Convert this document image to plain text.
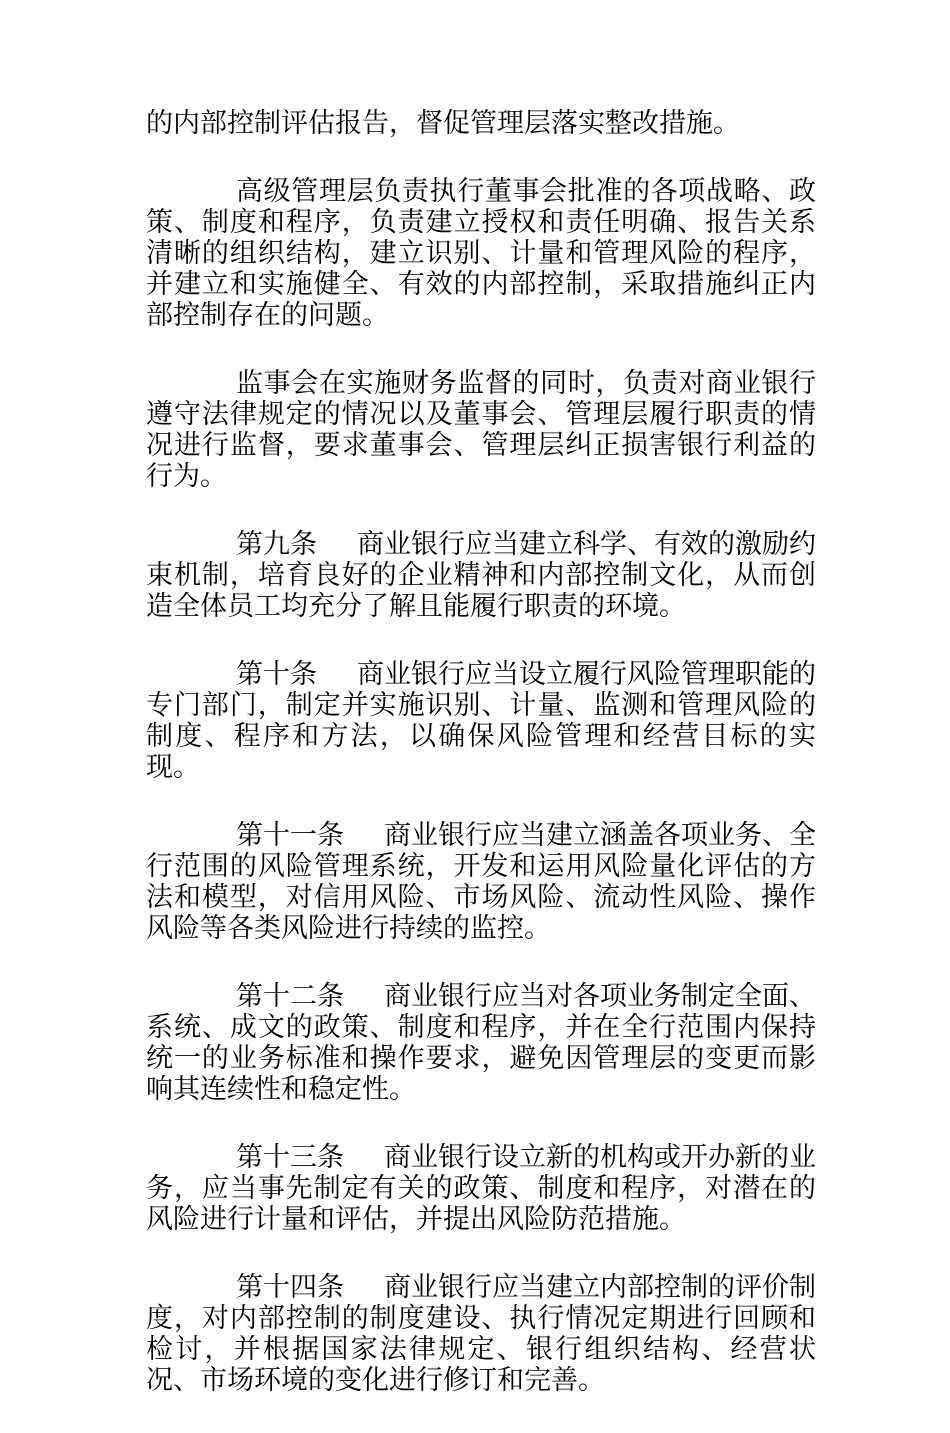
的内部控制评估报告，督促管理层落实整改措施。

高级管理层负责执行董事会批准的各项战略、政策、制度和程序，负责建立授权和责任明确、报告关系清晰的组织结构，建立识别、计量和管理风险的程序，并建立和实施健全、有效的内部控制，采取措施纠正内部控制存在的问题。

监事会在实施财务监督的同时，负责对商业银行遵守法律规定的情况以及董事会、管理层履行职责的情况进行监督，要求董事会、管理层纠正损害银行利益的行为。

第九条 商业银行应当建立科学、有效的激励约束机制，培育良好的企业精神和内部控制文化，从而创造全体员工均充分了解且能履行职责的环境。

第十条 商业银行应当设立履行风险管理职能的专门部门，制定并实施识别、计量、监测和管理风险的制度、程序和方法，以确保风险管理和经营目标的实现。

第十一条 商业银行应当建立涵盖各项业务、全行范围的风险管理系统，开发和运用风险量化评估的方法和模型，对信用风险、市场风险、流动性风险、操作风险等各类风险进行持续的监控。

第十二条 商业银行应当对各项业务制定全面、系统、成文的政策、制度和程序，并在全行范围内保持统一的业务标准和操作要求，避免因管理层的变更而影响其连续性和稳定性。

第十三条 商业银行设立新的机构或开办新的业务，应当事先制定有关的政策、制度和程序，对潜在的风险进行计量和评估，并提出风险防范措施。

第十四条 商业银行应当建立内部控制的评价制度，对内部控制的制度建设、执行情况定期进行回顾和检讨，并根据国家法律规定、银行组织结构、经营状况、市场环境的变化进行修订和完善。
